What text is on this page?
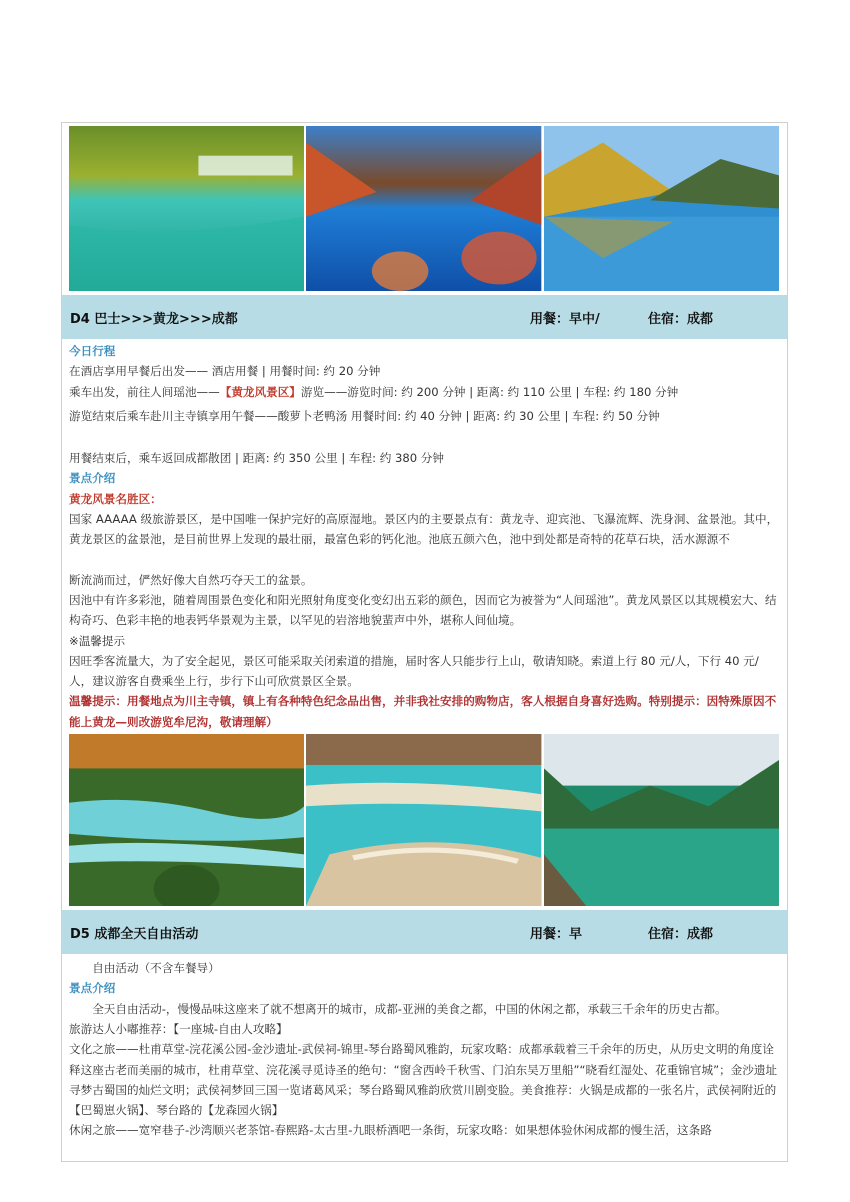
D4 巴士>>>黄龙>>>成都	用餐：早中/	住宿：成都

今日行程

在酒店享用早餐后出发—— 酒店用餐 | 用餐时间: 约 20 分钟

乘车出发，前往人间瑶池——【黄龙风景区】游览——游览时间: 约 200 分钟 | 距离: 约 110 公里 | 车程: 约 180 分钟

游览结束后乘车赴川主寺镇享用午餐——酸萝卜老鸭汤 用餐时间: 约 40 分钟 | 距离: 约 30 公里 | 车程: 约 50 分钟

用餐结束后，乘车返回成都散团 | 距离: 约 350 公里 | 车程: 约 380 分钟

景点介绍

黄龙风景名胜区：

国家 AAAAA 级旅游景区，是中国唯一保护完好的高原湿地。景区内的主要景点有：黄龙寺、迎宾池、飞瀑流辉、洗身洞、盆景池。其中，黄龙景区的盆景池，是目前世界上发现的最壮丽，最富色彩的钙化池。池底五颜六色，池中到处都是奇特的花草石块，活水源源不

断流淌而过，俨然好像大自然巧夺天工的盆景。

因池中有许多彩池，随着周围景色变化和阳光照射角度变化变幻出五彩的颜色，因而它为被誉为“人间瑶池”。黄龙风景区以其规模宏大、结构奇巧、色彩丰艳的地表钙华景观为主景，以罕见的岩溶地貌蜚声中外，堪称人间仙境。

※温馨提示

因旺季客流量大，为了安全起见，景区可能采取关闭索道的措施，届时客人只能步行上山，敬请知晓。索道上行 80 元/人，下行 40 元/人，建议游客自费乘坐上行，步行下山可欣赏景区全景。

温馨提示：用餐地点为川主寺镇，镇上有各种特色纪念品出售，并非我社安排的购物店，客人根据自身喜好选购。特别提示：因特殊原因不能上黄龙—则改游览牟尼沟，敬请理解）

D5 成都全天自由活动	用餐：早	住宿：成都

自由活动（不含车餐导）

景点介绍

全天自由活动-，慢慢品味这座来了就不想离开的城市，成都-亚洲的美食之都，中国的休闲之都，承载三千余年的历史古都。

旅游达人小嘟推荐：【一座城-自由人攻略】

文化之旅——杜甫草堂-浣花溪公园-金沙遗址-武侯祠-锦里-琴台路蜀风雅韵，玩家攻略：成都承载着三千余年的历史，从历史文明的角度诠释这座古老而美丽的城市，杜甫草堂、浣花溪寻觅诗圣的绝句：“窗含西岭千秋雪、门泊东吴万里船”“晓看红湿处、花重锦官城”；金沙遗址寻梦古蜀国的灿烂文明；武侯祠梦回三国一览诸葛风采；琴台路蜀风雅韵欣赏川剧变脸。美食推荐：火锅是成都的一张名片，武侯祠附近的【巴蜀崽火锅】、琴台路的【龙森园火锅】

休闲之旅——宽窄巷子-沙湾顺兴老茶馆-春熙路-太古里-九眼桥酒吧一条街，玩家攻略：如果想体验休闲成都的慢生活，这条路
